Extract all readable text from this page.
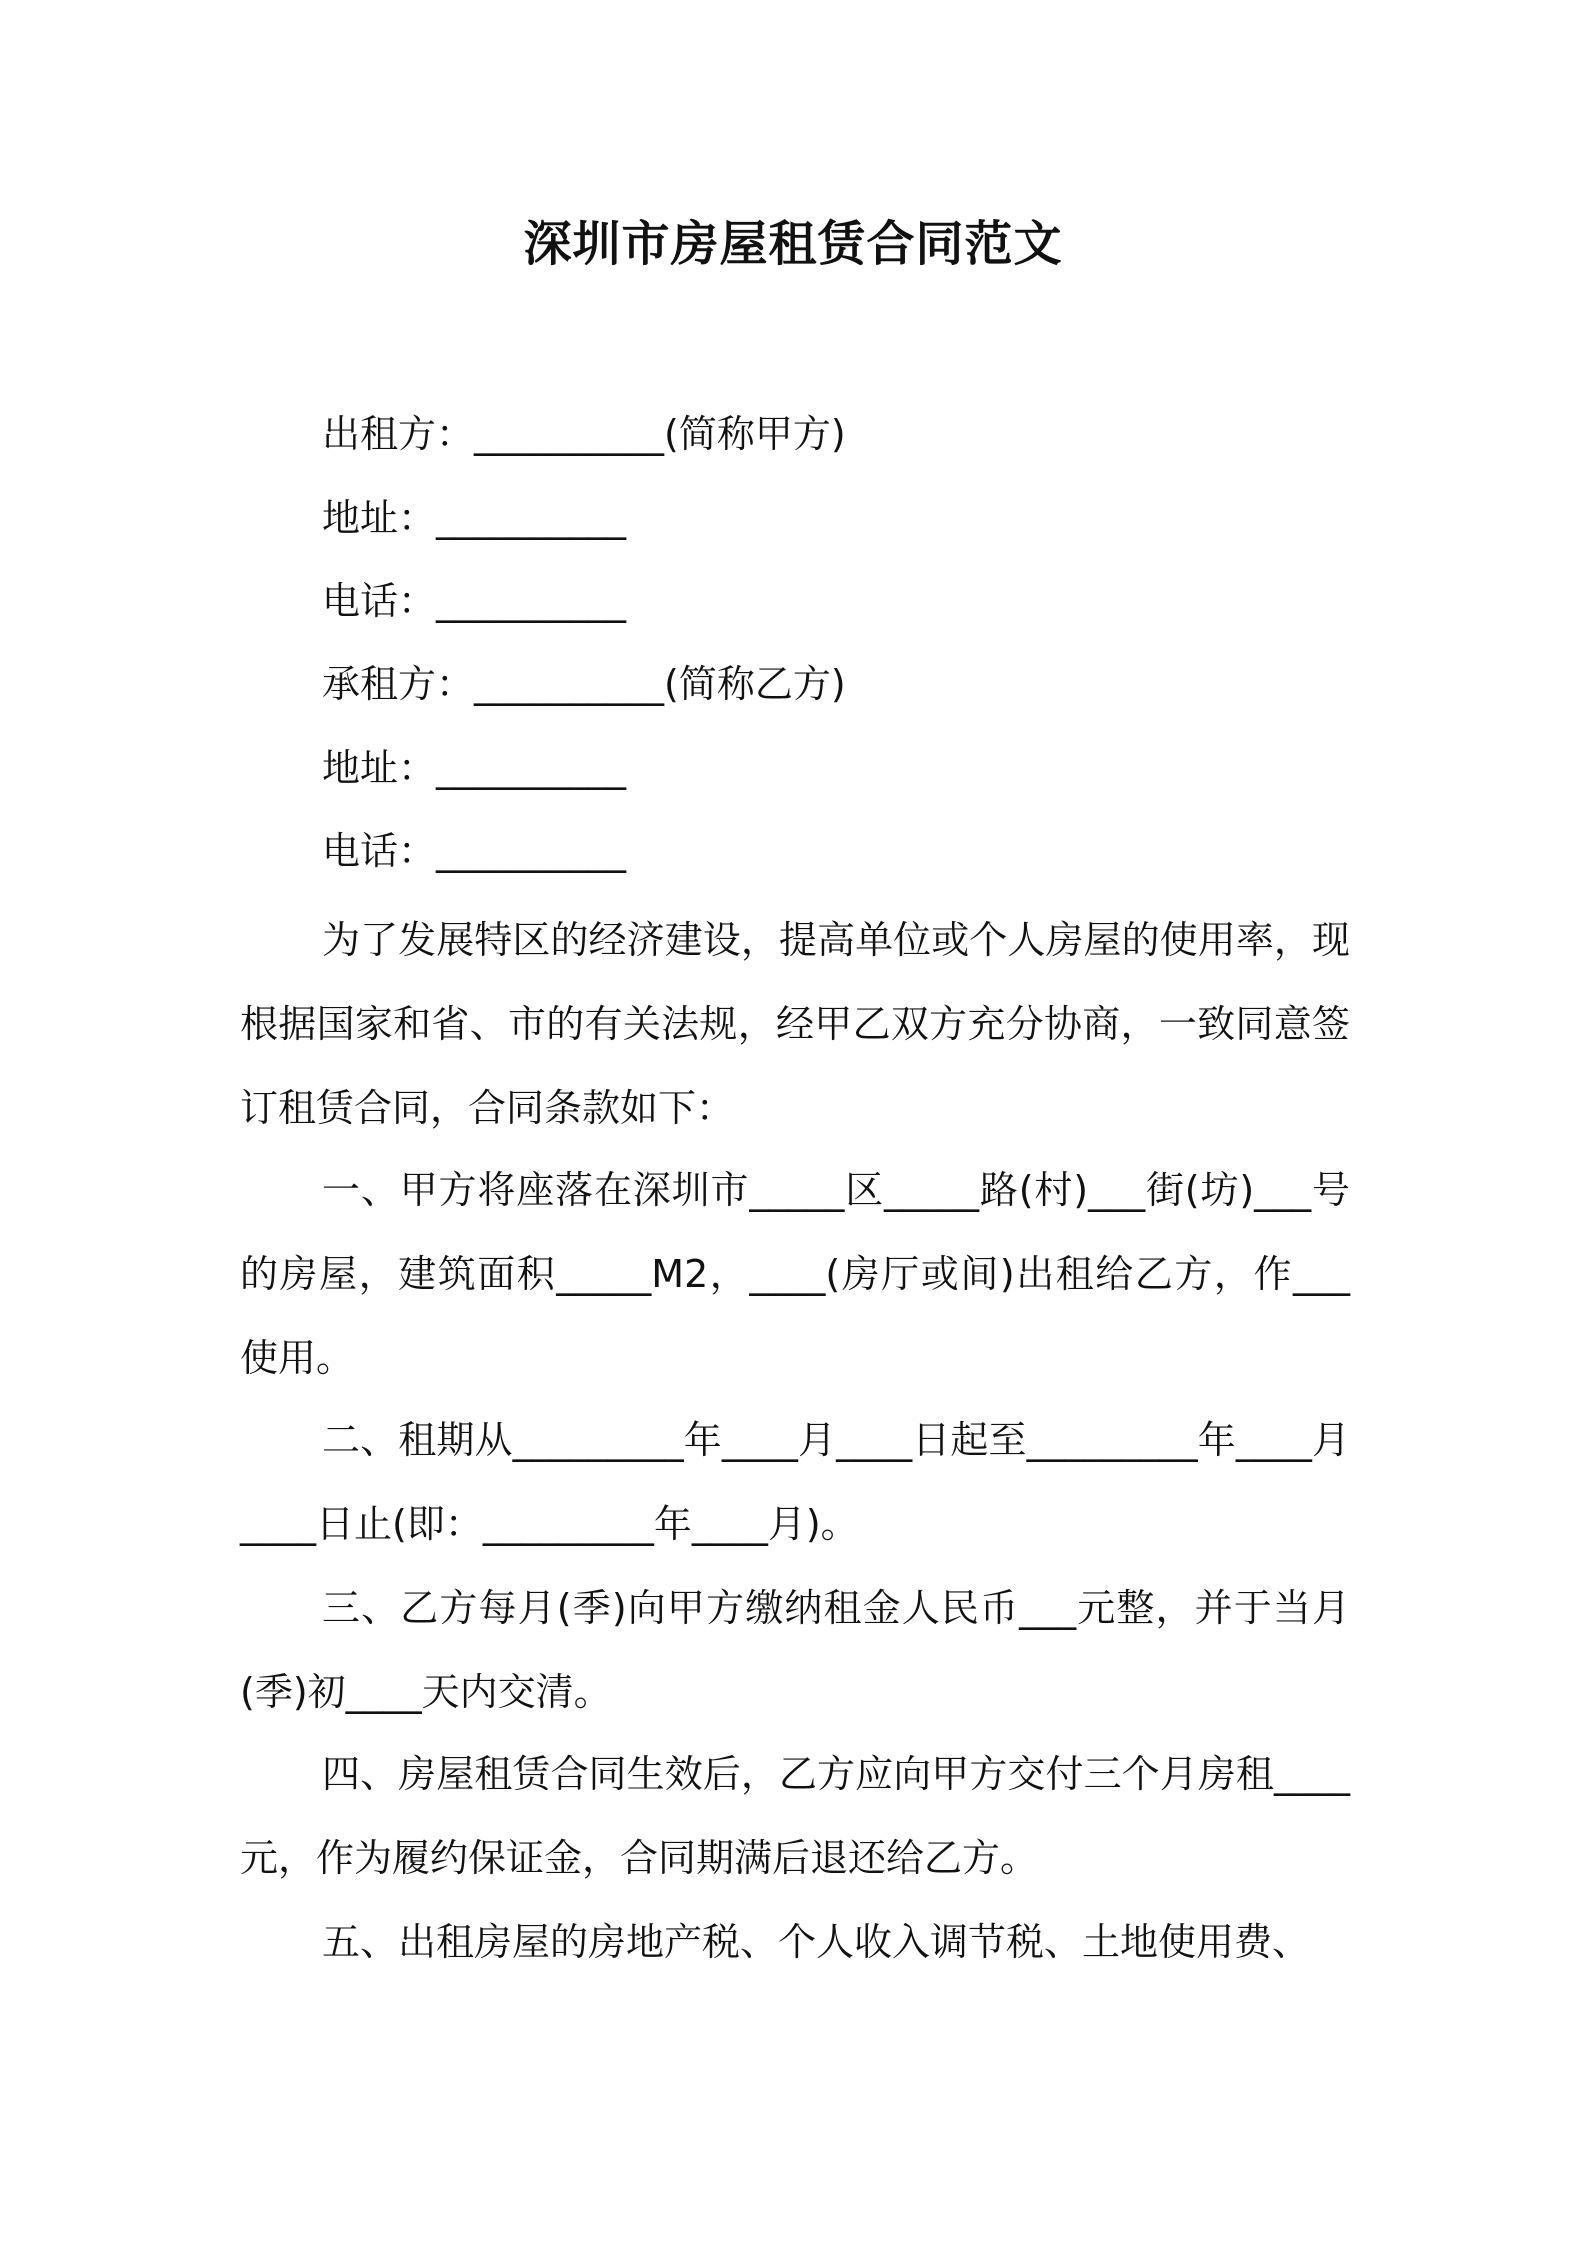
深圳市房屋租赁合同范文
出租方：__________(简称甲方)
地址：__________
电话：__________
承租方：__________(简称乙方)
地址：__________
电话：__________
为了发展特区的经济建设，提高单位或个人房屋的使用率，现根据国家和省、市的有关法规，经甲乙双方充分协商，一致同意签订租赁合同，合同条款如下：
一、甲方将座落在深圳市_____区_____路(村)___街(坊)___号的房屋，建筑面积_____M2，____(房厅或间)出租给乙方，作___使用。
二、租期从_________年____月____日起至_________年____月____日止(即：_________年____月)。
三、乙方每月(季)向甲方缴纳租金人民币___元整，并于当月(季)初____天内交清。
四、房屋租赁合同生效后，乙方应向甲方交付三个月房租____元，作为履约保证金，合同期满后退还给乙方。
五、出租房屋的房地产税、个人收入调节税、土地使用费、
